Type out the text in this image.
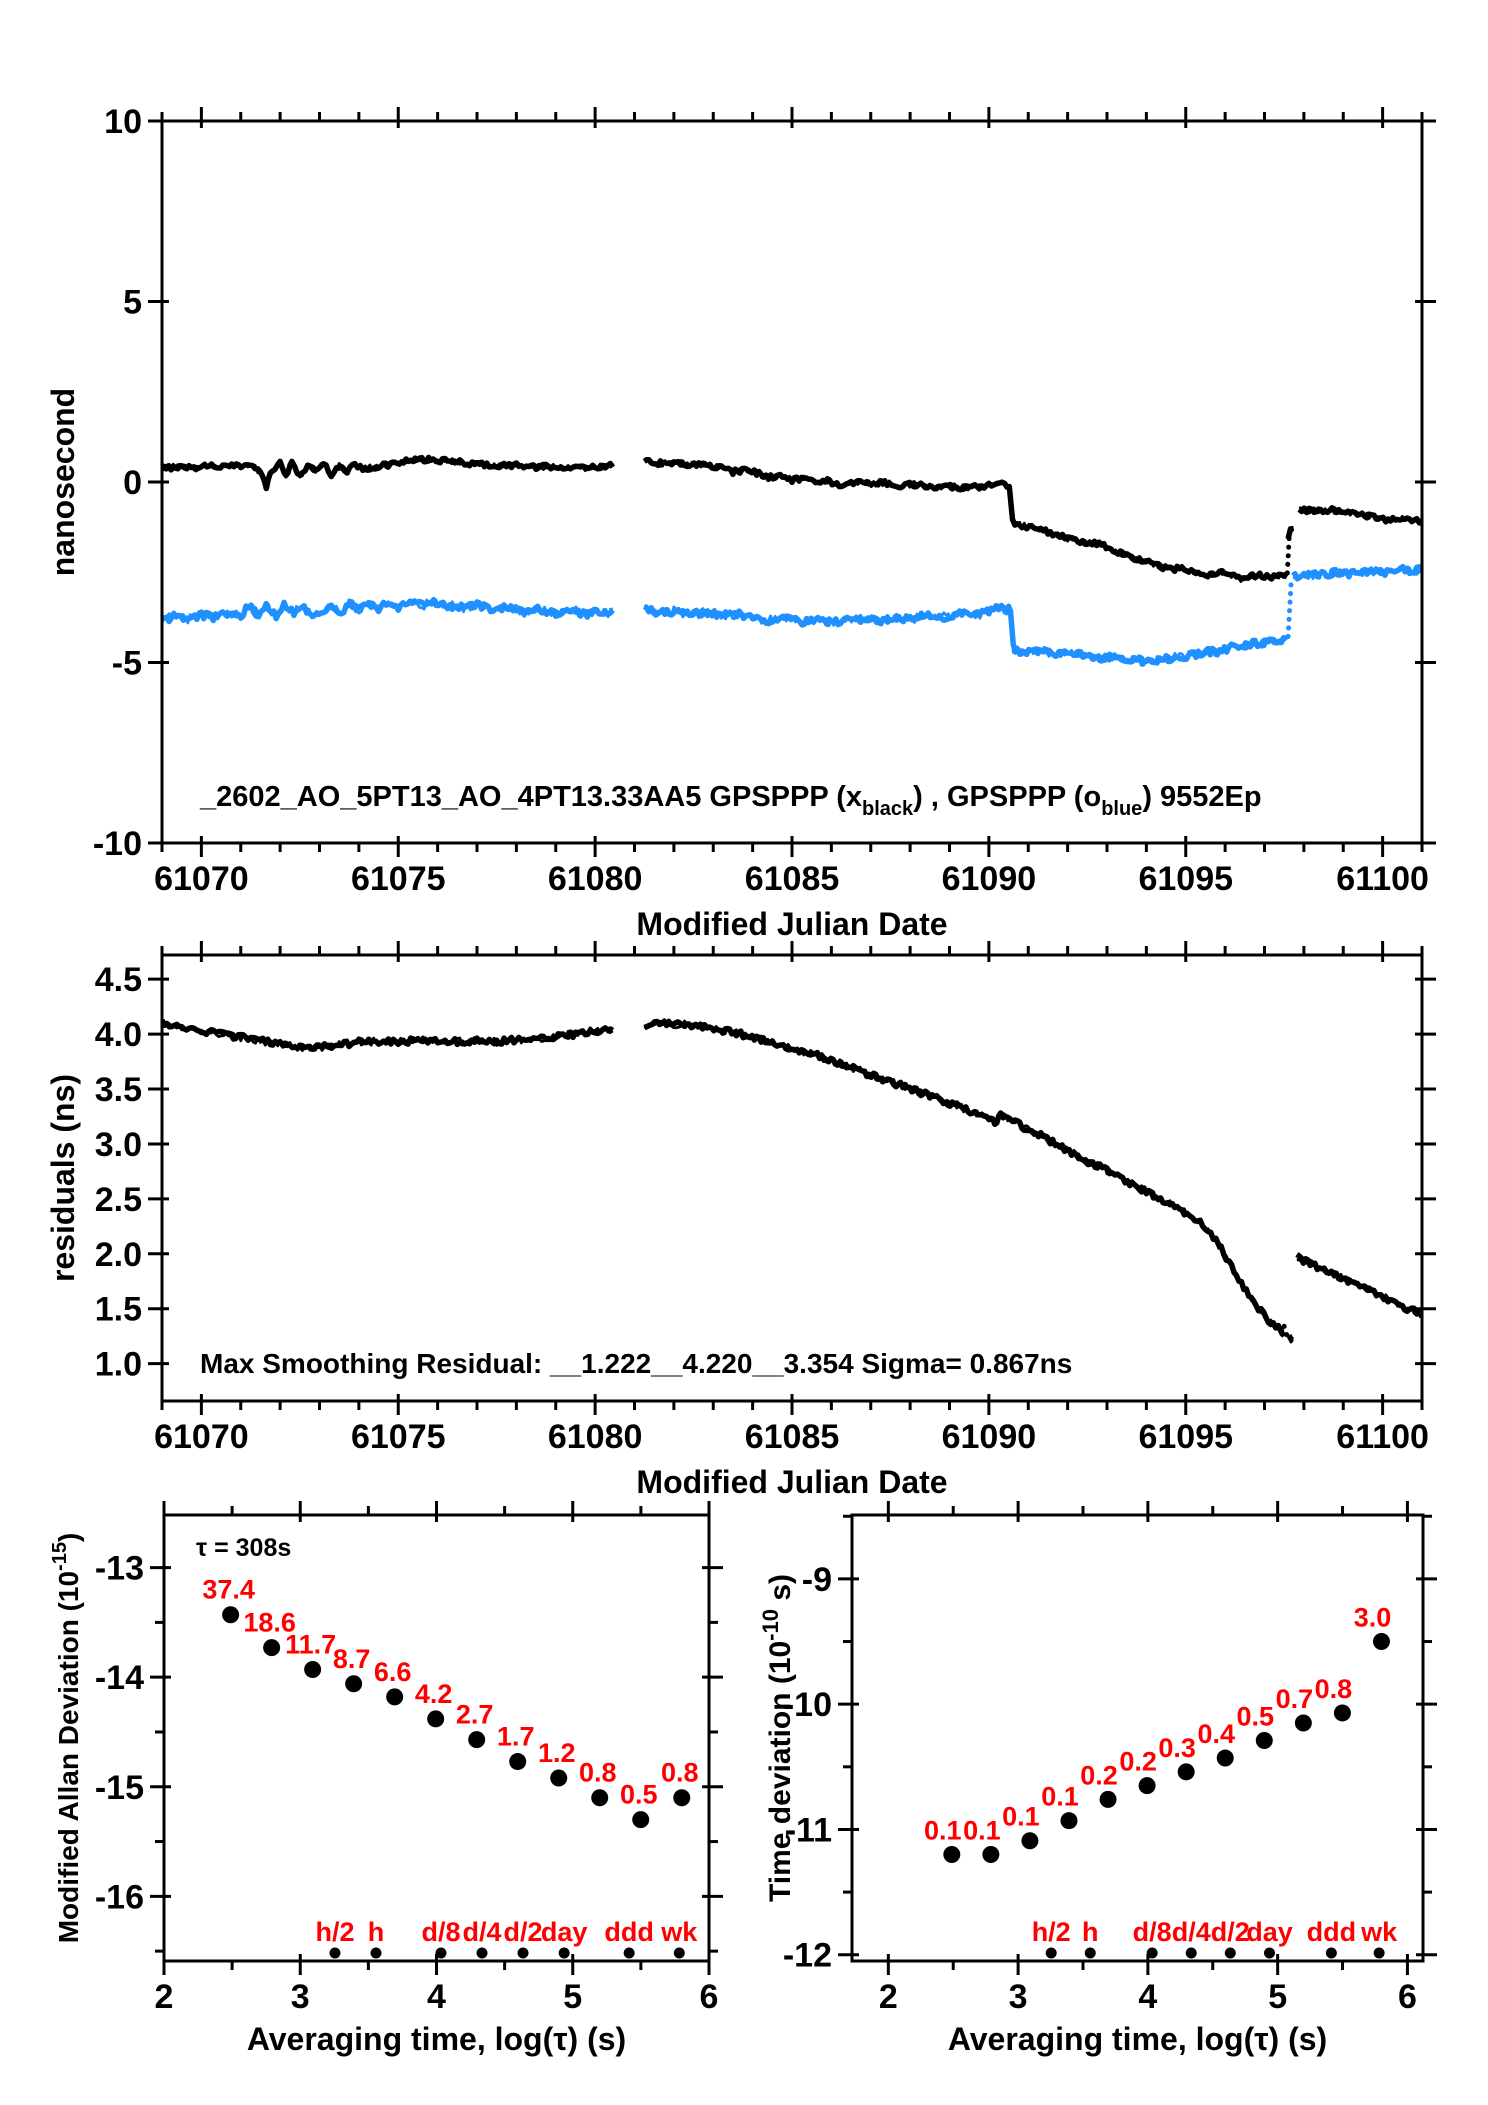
61070	61075	61080	61085	61090	61095	61100
10
5
0
-5
-10
Modified Julian Date
nanosecond
_2602_AO_5PT13_AO_4PT13.33AA5 GPSPPP $(x_{black})$ , GPSPPP $(o_{blue})$ 9552Ep
61070	61075	61080	61085	61090	61095	61100
4.5
4.0
3.5
3.0
2.5
2.0
1.5
1.0
Modified Julian Date
residuals (ns)
Max Smoothing Residual: __1.222__4.220__3.354 Sigma= 0.867ns
2	3	4	5	6
-13
-14
-15
-16
37.4
18.6
11.7
8.7 6.6
4.2
2.7
1.7
1.2
0.8
0.5
0.8
h/2 h d/8 d/4 d/2
day ddd wk
Averaging time, log(τ) (s)
Modified Allan Deviation $(10^{-15})$	τ = 308s
2	3	4	5	6
-9
-10
-11
-12
0.1 0.1 0.1
0.1
0.2 0.2 0.3 0.4
0.5
0.7 0.8
3.0
h/2 h d/8 d/4 d/2
day ddd wk
Averaging time, log(τ) (s)
Time deviation ($10^{-10}$ s)
